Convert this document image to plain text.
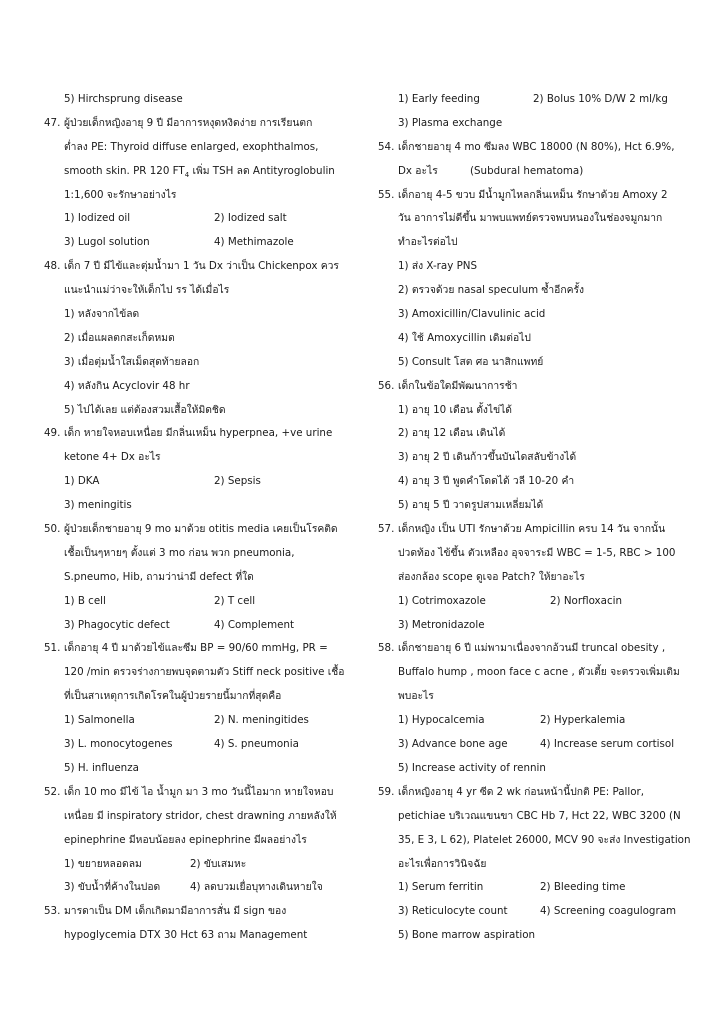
5) Hirchsprung disease
47. ผู้ป่วยเด็กหญิงอายุ 9 ปี มีอาการหงุดหงิดง่าย การเรียนตก
ต่ำลง PE: Thyroid diffuse enlarged, exophthalmos,
smooth skin. PR 120 $FT_4$ เพิ่ม TSH ลด Antityroglobulin
1:1,600 จะรักษาอย่างไร
1) Iodized oil	2) Iodized salt
3) Lugol solution	4) Methimazole
48. เด็ก 7 ปี มีไข้และตุ่มน้ำมา 1 วัน Dx ว่าเป็น Chickenpox ควร
แนะนำแม่ว่าจะให้เด็กไป รร ได้เมื่อไร
1) หลังจากไข้ลด
2) เมื่อแผลตกสะเก็ดหมด
3) เมื่อตุ่มน้ำใสเม็ดสุดท้ายลอก
4) หลังกิน Acyclovir 48 hr
5) ไปได้เลย แต่ต้องสวมเสื้อให้มิดชิด
49. เด็ก หายใจหอบเหนื่อย มีกลิ่นเหม็น hyperpnea, +ve urine
ketone 4+ Dx อะไร
1) DKA	2) Sepsis
3) meningitis
50. ผู้ป่วยเด็กชายอายุ 9 mo มาด้วย otitis media เคยเป็นโรคติด
เชื้อเป็นๆหายๆ ตั้งแต่ 3 mo ก่อน พวก pneumonia,
S.pneumo, Hib, ถามว่าน่ามี defect ที่ใด
1) B cell	2) T cell
3) Phagocytic defect	4) Complement
51. เด็กอายุ 4 ปี มาด้วยไข้และซึม BP = 90/60 mmHg, PR =
120 /min ตรวจร่างกายพบจุดตามตัว Stiff neck positive เชื้อ
ที่เป็นสาเหตุการเกิดโรคในผู้ป่วยรายนี้มากที่สุดคือ
1) Salmonella	2) N. meningitides
3) L. monocytogenes	4) S. pneumonia
5) H. influenza
52. เด็ก 10 mo มีไข้ ไอ น้ำมูก มา 3 mo วันนี้ไอมาก หายใจหอบ
เหนื่อย มี inspiratory stridor, chest drawning ภายหลังให้
epinephrine มีหอบน้อยลง epinephrine มีผลอย่างไร
1) ขยายหลอดลม	2) ขับเสมหะ
3) ขับน้ำที่ค้างในปอด	4) ลดบวมเยื่อบุทางเดินหายใจ
53. มารดาเป็น DM เด็กเกิดมามีอาการสั่น มี sign ของ
hypoglycemia DTX 30 Hct 63 ถาม Management
1) Early feeding	2) Bolus 10% D/W 2 ml/kg
3) Plasma exchange
54. เด็กชายอายุ 4 mo ซึมลง WBC 18000 (N 80%), Hct 6.9%,
Dx อะไร	(Subdural hematoma)
55. เด็กอายุ 4-5 ขวบ มีน้ำมูกไหลกลิ่นเหม็น รักษาด้วย Amoxy 2
วัน อาการไม่ดีขึ้น มาพบแพทย์ตรวจพบหนองในช่องจมูกมาก
ทำอะไรต่อไป
1) ส่ง X-ray PNS
2) ตรวจด้วย nasal speculum ซ้ำอีกครั้ง
3) Amoxicillin/Clavulinic acid
4) ใช้ Amoxycillin เดิมต่อไป
5) Consult โสต ศอ นาสิกแพทย์
56. เด็กในข้อใดมีพัฒนาการช้า
1) อายุ 10 เดือน ตั้งไข่ได้
2) อายุ 12 เดือน เดินได้
3) อายุ 2 ปี เดินก้าวขึ้นบันไดสลับข้างได้
4) อายุ 3 ปี พูดคำโดดได้ วลี 10-20 คำ
5) อายุ 5 ปี วาดรูปสามเหลี่ยมได้
57. เด็กหญิง เป็น UTI รักษาด้วย Ampicillin ครบ 14 วัน จากนั้น
ปวดท้อง ไข้ขึ้น ตัวเหลือง อุจจาระมี WBC = 1-5, RBC > 100
ส่องกล้อง scope ดูเจอ Patch? ให้ยาอะไร
1) Cotrimoxazole	2) Norfloxacin
3) Metronidazole
58. เด็กชายอายุ 6 ปี แม่พามาเนื่องจากอ้วนมี truncal obesity ,
Buffalo hump , moon face c acne , ตัวเตี้ย จะตรวจเพิ่มเติม
พบอะไร
1) Hypocalcemia	2) Hyperkalemia
3) Advance bone age	4) Increase serum cortisol
5) Increase activity of rennin
59. เด็กหญิงอายุ 4 yr ซีด 2 wk ก่อนหน้านี้ปกติ PE: Pallor,
petichiae บริเวณแขนขา CBC Hb 7, Hct 22, WBC 3200 (N
35, E 3, L 62), Platelet 26000, MCV 90 จะส่ง Investigation
อะไรเพื่อการวินิจฉัย
1) Serum ferritin	2) Bleeding time
3) Reticulocyte count	4) Screening coagulogram
5) Bone marrow aspiration
